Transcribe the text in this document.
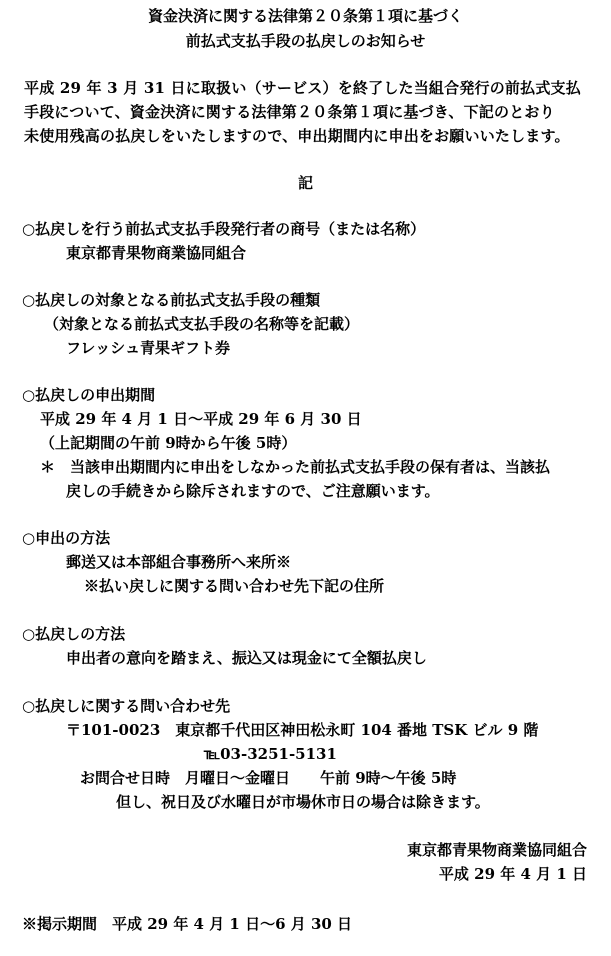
資金決済に関する法律第２０条第１項に基づく
前払式支払手段の払戻しのお知らせ
平成 29 年 3 月 31 日に取扱い（サービス）を終了した当組合発行の前払式支払
手段について、資金決済に関する法律第２０条第１項に基づき、下記のとおり
未使用残高の払戻しをいたしますので、申出期間内に申出をお願いいたします。
記
○払戻しを行う前払式支払手段発行者の商号（または名称）
東京都青果物商業協同組合
○払戻しの対象となる前払式支払手段の種類
（対象となる前払式支払手段の名称等を記載）
フレッシュ青果ギフト券
○払戻しの申出期間
平成 29 年 4 月 1 日～平成 29 年 6 月 30 日
（上記期間の午前 9時から午後 5時）
＊　当該申出期間内に申出をしなかった前払式支払手段の保有者は、当該払
戻しの手続きから除斥されますので、ご注意願います。
○申出の方法
郵送又は本部組合事務所へ来所※
※払い戻しに関する問い合わせ先下記の住所
○払戻しの方法
申出者の意向を踏まえ、振込又は現金にて全額払戻し
○払戻しに関する問い合わせ先
〒101-0023　東京都千代田区神田松永町 104 番地 TSK ビル 9 階
℡03-3251-5131
お問合せ日時　月曜日～金曜日　　午前 9時～午後 5時
但し、祝日及び水曜日が市場休市日の場合は除きます。
東京都青果物商業協同組合
平成 29 年 4 月 1 日
※掲示期間　平成 29 年 4 月 1 日～6 月 30 日
